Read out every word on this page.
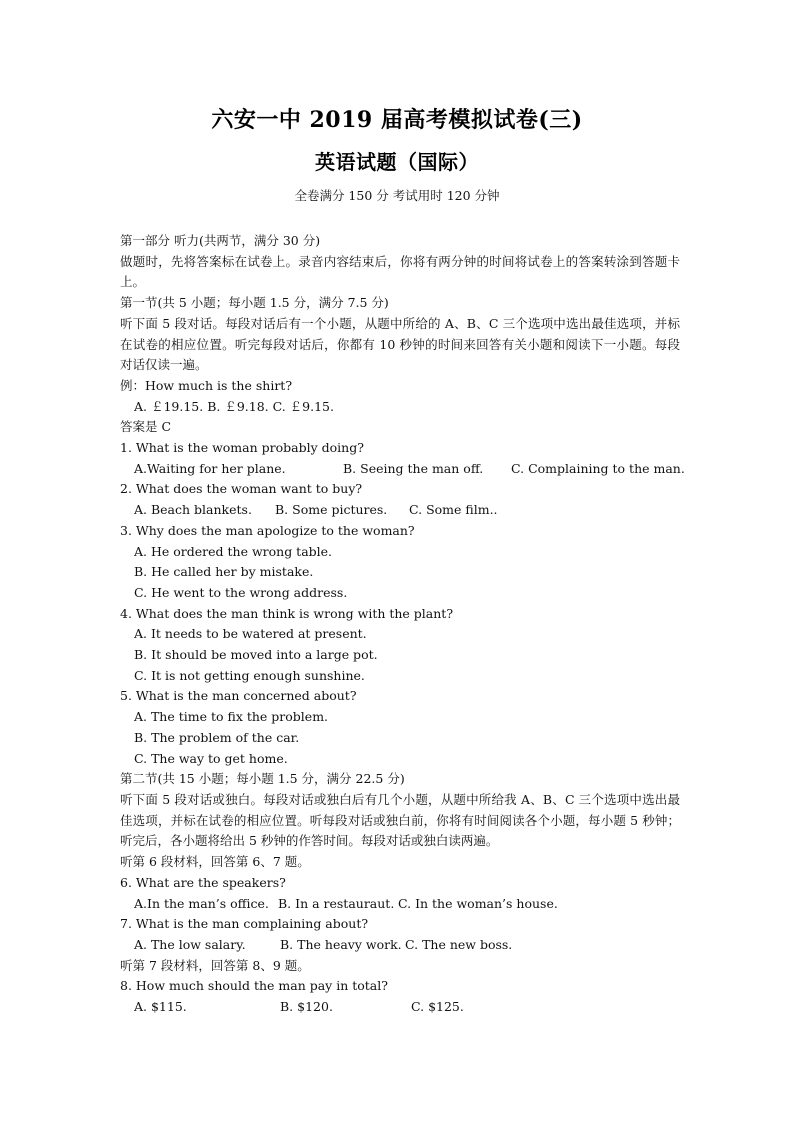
六安一中 2019 届高考模拟试卷(三)
英语试题（国际）
全卷满分 150 分 考试用时 120 分钟
第一部分 听力(共两节，满分 30 分)
做题时，先将答案标在试卷上。录音内容结束后，你将有两分钟的时间将试卷上的答案转涂到答题卡上。
第一节(共 5 小题；每小题 1.5 分，满分 7.5 分)
听下面 5 段对话。每段对话后有一个小题，从题中所给的 A、B、C 三个选项中选出最佳选项，并标在试卷的相应位置。听完每段对话后，你都有 10 秒钟的时间来回答有关小题和阅读下一小题。每段对话仅读一遍。
例：How much is the shirt?
A. ￡19.15. B. ￡9.18. C. ￡9.15.
答案是 C
1. What is the woman probably doing?
A.Waiting for her plane.	B. Seeing the man off. C. Complaining to the man.
2. What does the woman want to buy?
A. Beach blankets. B. Some pictures. C. Some film..
3. Why does the man apologize to the woman?
A. He ordered the wrong table.
B. He called her by mistake.
C. He went to the wrong address.
4. What does the man think is wrong with the plant?
A. It needs to be watered at present.
B. It should be moved into a large pot.
C. It is not getting enough sunshine.
5. What is the man concerned about?
A. The time to fix the problem.
B. The problem of the car.
C. The way to get home.
第二节(共 15 小题；每小题 1.5 分，满分 22.5 分)
听下面 5 段对话或独白。每段对话或独白后有几个小题，从题中所给我 A、B、C 三个选项中选出最佳选项，并标在试卷的相应位置。听每段对话或独白前，你将有时间阅读各个小题，每小题 5 秒钟；听完后，各小题将给出 5 秒钟的作答时间。每段对话或独白读两遍。
听第 6 段材料，回答第 6、7 题。
6. What are the speakers?
A.In the man’s office. B. In a restauraut. C. In the woman’s house.
7. What is the man complaining about?
A. The low salary.	B. The heavy work. C. The new boss.
听第 7 段材料，回答第 8、9 题。
8. How much should the man pay in total?
A. $115.	B. $120.	C. $125.
